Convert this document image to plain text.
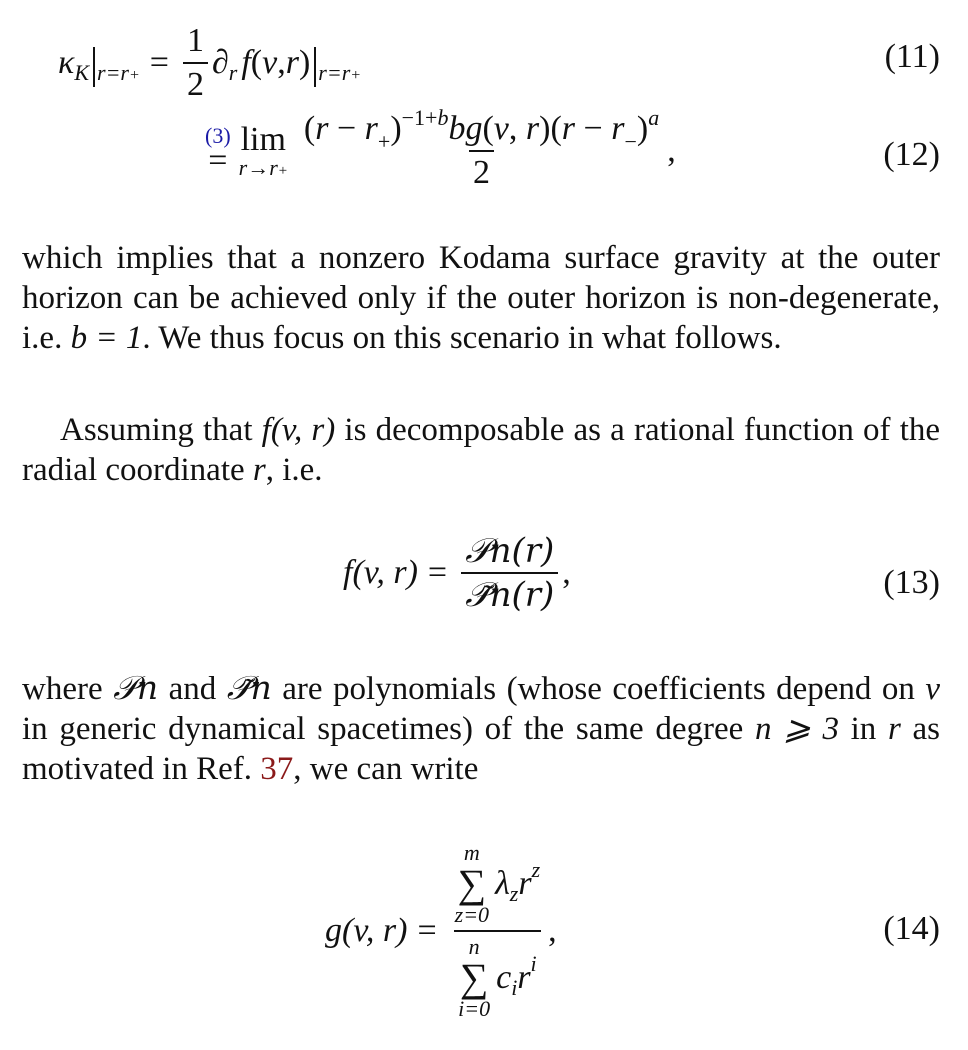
κ K $r=r+ = \frac{1}{2}$ ∂ r f ( v , r ) r=r+
(11)
(3)
=
lim
$r\to r+ \frac{(r - r_+)^{-1+b}bg(v, r)(r - r_-)^a}{2}$ ,	(12)
which implies that a nonzero Kodama surface gravity at the outer horizon can be achieved only if the outer horizon is non-degenerate, i.e. b = 1. We thus focus on this scenario in what follows.
Assuming that f(v, r) is decomposable as a rational function of the radial coordinate r, i.e.
f(v, $r) = \frac{\text{𝒫n(r)}}{\text{𝒫̃n(r)}}$ ,	(13)
where 𝒫n and 𝒫̃n are polynomials (whose coefficients depend on v in generic dynamical spacetimes) of the same degree n ⩾ 3 in r as motivated in Ref. 37, we can write
g(v, r) = m
∑
z=0
λ z r z
n
∑
i=0
c i r i ,	(14)
